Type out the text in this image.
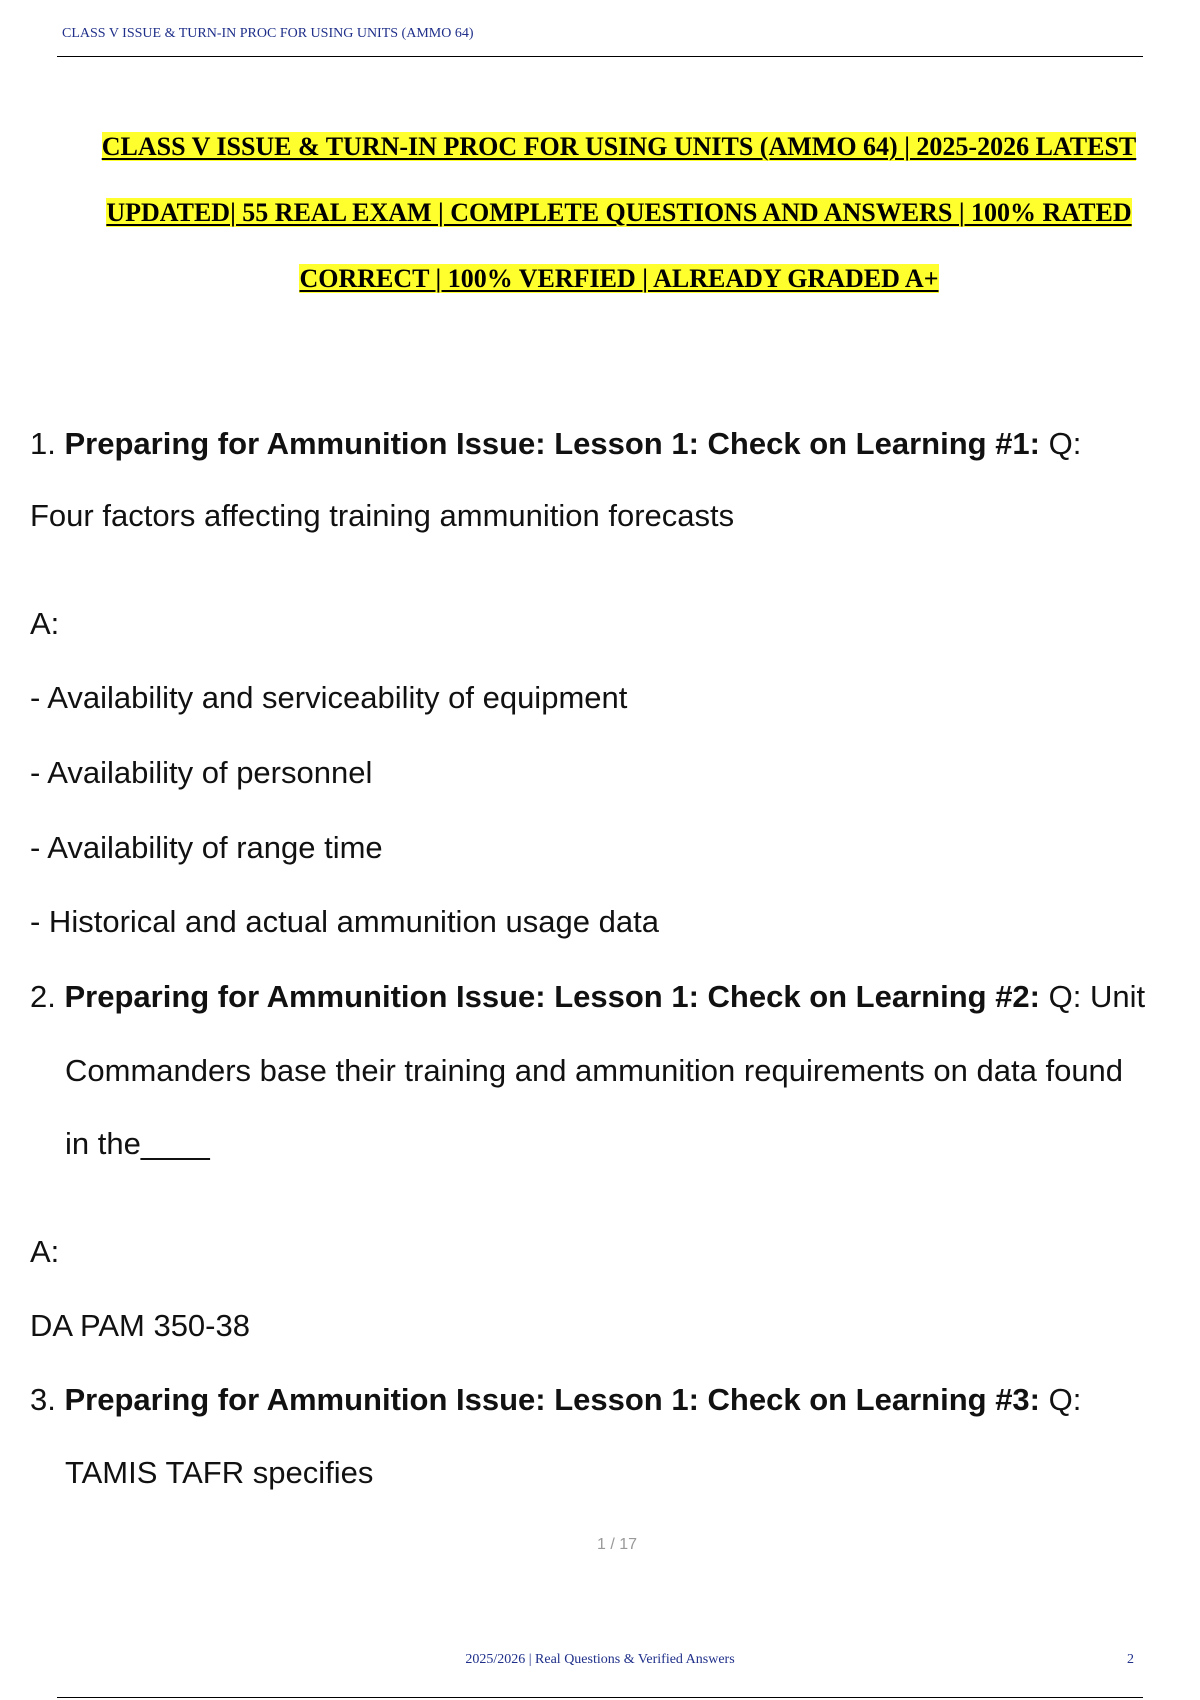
CLASS V ISSUE & TURN-IN PROC FOR USING UNITS (AMMO 64)
CLASS V ISSUE & TURN-IN PROC FOR USING UNITS (AMMO 64) | 2025-2026 LATEST
UPDATED| 55 REAL EXAM | COMPLETE QUESTIONS AND ANSWERS | 100% RATED
CORRECT | 100% VERFIED | ALREADY GRADED A+
1. Preparing for Ammunition Issue: Lesson 1: Check on Learning #1: Q:
Four factors affecting training ammunition forecasts
A:
- Availability and serviceability of equipment
- Availability of personnel
- Availability of range time
- Historical and actual ammunition usage data
2. Preparing for Ammunition Issue: Lesson 1: Check on Learning #2: Q: Unit
Commanders base their training and ammunition requirements on data found
in the____
A:
DA PAM 350-38
3. Preparing for Ammunition Issue: Lesson 1: Check on Learning #3: Q:
TAMIS TAFR specifies
1 / 17
2025/2026 | Real Questions & Verified Answers	2
